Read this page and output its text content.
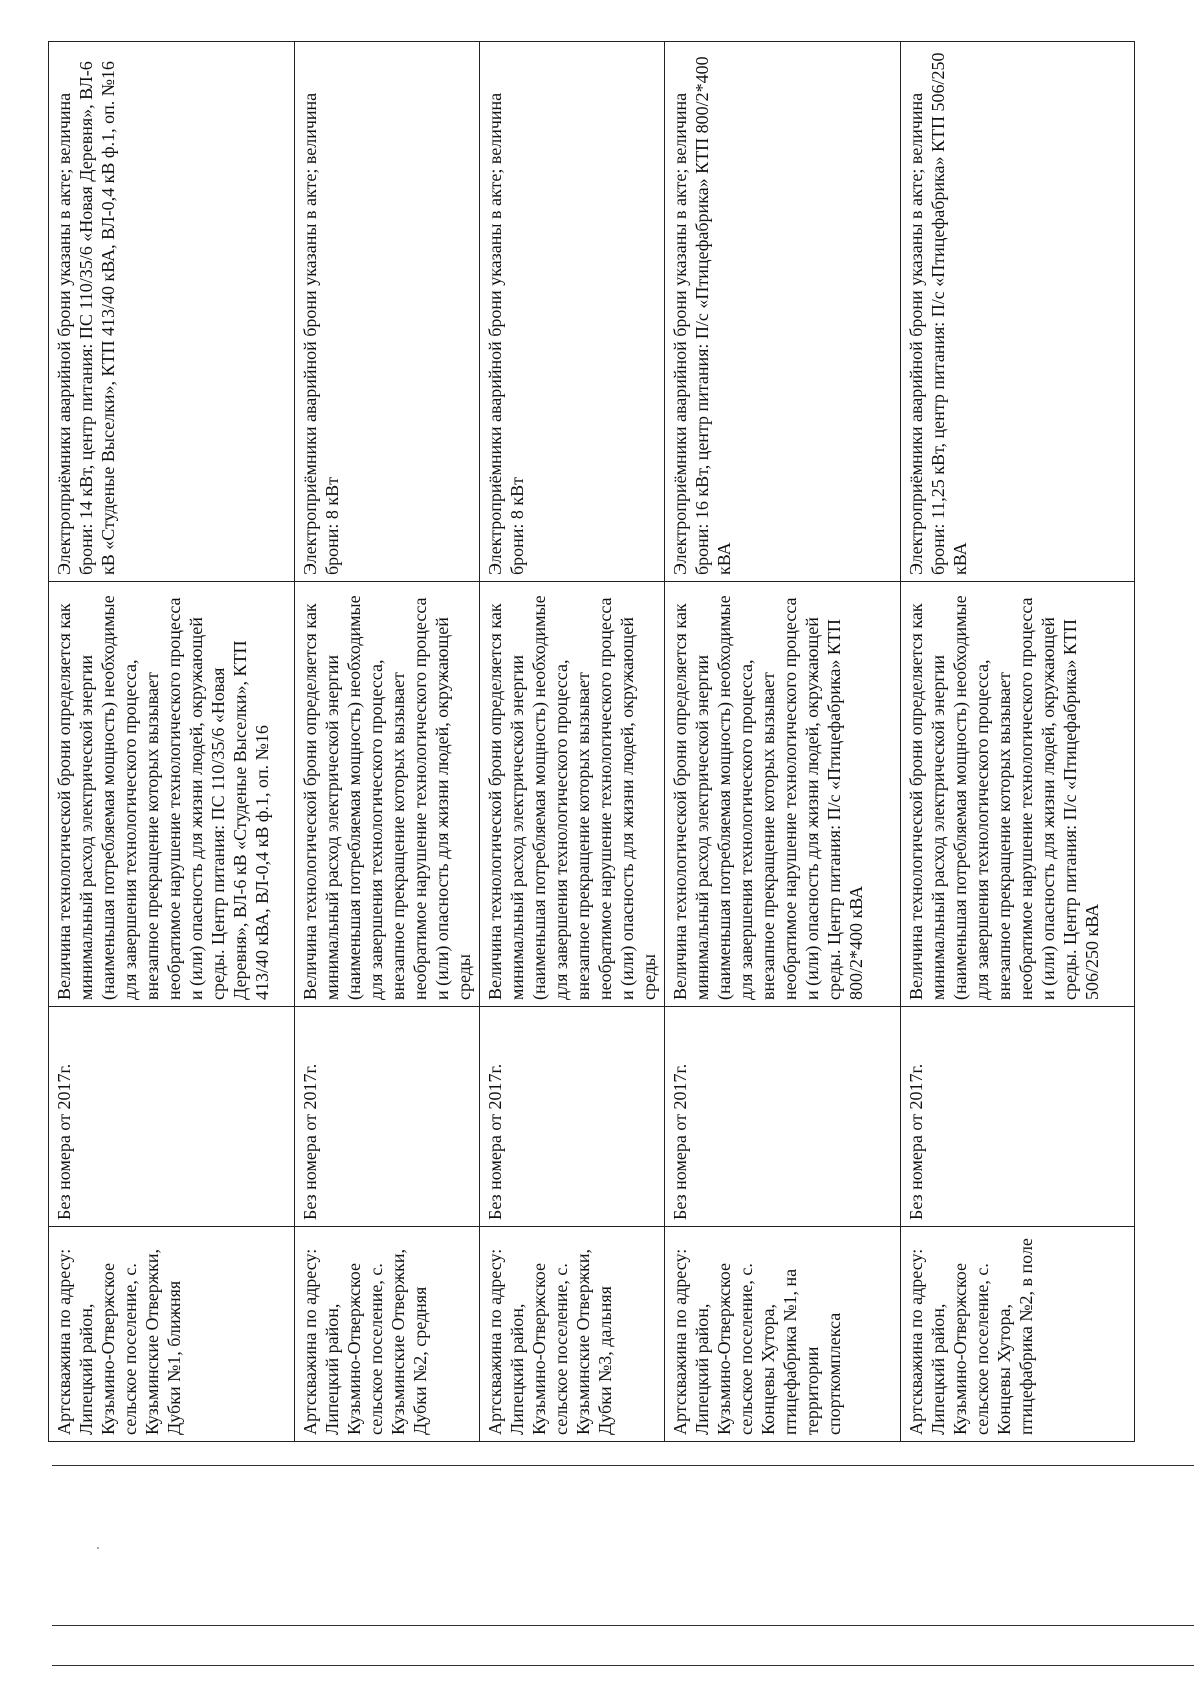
Артскважина по адресу: Липецкий район, Кузьмино-Отвержское сельское поселение, с. Кузьминские Отвержки, Дубки №1, ближняя	Без номера от 2017г.	Величина технологической брони определяется как минимальный расход электрической энергии (наименьшая потребляемая мощность) необходимые для завершения технологического процесса, внезапное прекращение которых вызывает необратимое нарушение технологического процесса и (или) опасность для жизни людей, окружающей среды. Центр питания: ПС 110/35/6 «Новая Деревня», ВЛ-6 кВ «Студеные Выселки», КТП 413/40 кВА, ВЛ-0,4 кВ ф.1, оп. №16	Электроприёмники аварийной брони указаны в акте; величина брони: 14 кВт, центр питания: ПС 110/35/6 «Новая Деревня», ВЛ-6 кВ «Студеные Выселки», КТП 413/40 кВА, ВЛ-0,4 кВ ф.1, оп. №16
Артскважина по адресу: Липецкий район, Кузьмино-Отвержское сельское поселение, с. Кузьминские Отвержки, Дубки №2, средняя	Без номера от 2017г.	Величина технологической брони определяется как минимальный расход электрической энергии (наименьшая потребляемая мощность) необходимые для завершения технологического процесса, внезапное прекращение которых вызывает необратимое нарушение технологического процесса и (или) опасность для жизни людей, окружающей среды	Электроприёмники аварийной брони указаны в акте; величина брони: 8 кВт
Артскважина по адресу: Липецкий район, Кузьмино-Отвержское сельское поселение, с. Кузьминские Отвержки, Дубки №3, дальняя	Без номера от 2017г.	Величина технологической брони определяется как минимальный расход электрической энергии (наименьшая потребляемая мощность) необходимые для завершения технологического процесса, внезапное прекращение которых вызывает необратимое нарушение технологического процесса и (или) опасность для жизни людей, окружающей среды	Электроприёмники аварийной брони указаны в акте; величина брони: 8 кВт
Артскважина по адресу: Липецкий район, Кузьмино-Отвержское сельское поселение, с. Концевы Хутора, птицефабрика №1, на территории спорткомплекса	Без номера от 2017г.	Величина технологической брони определяется как минимальный расход электрической энергии (наименьшая потребляемая мощность) необходимые для завершения технологического процесса, внезапное прекращение которых вызывает необратимое нарушение технологического процесса и (или) опасность для жизни людей, окружающей среды. Центр питания: П/с «Птицефабрика» КТП 800/2*400 кВА	Электроприёмники аварийной брони указаны в акте; величина брони: 16 кВт, центр питания: П/с «Птицефабрика» КТП 800/2*400 кВА
Артскважина по адресу: Липецкий район, Кузьмино-Отвержское сельское поселение, с. Концевы Хутора, птицефабрика №2, в поле	Без номера от 2017г.	Величина технологической брони определяется как минимальный расход электрической энергии (наименьшая потребляемая мощность) необходимые для завершения технологического процесса, внезапное прекращение которых вызывает необратимое нарушение технологического процесса и (или) опасность для жизни людей, окружающей среды. Центр питания: П/с «Птицефабрика» КТП 506/250 кВА	Электроприёмники аварийной брони указаны в акте; величина брони: 11,25 кВт, центр питания: П/с «Птицефабрика» КТП 506/250 кВА
